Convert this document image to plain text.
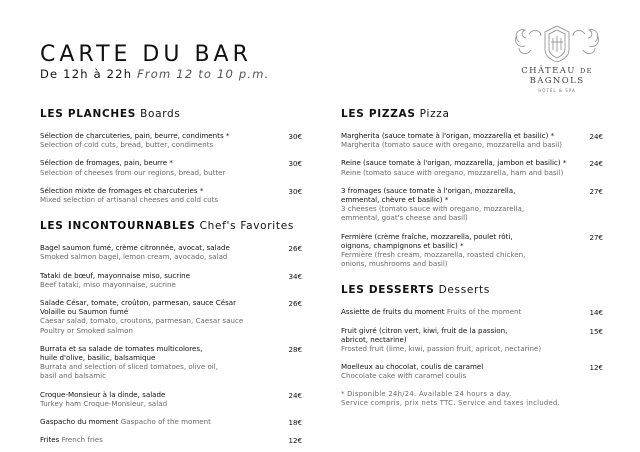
CARTE DU BAR
De 12h à 22h From 12 to 10 p.m.	CHÂTEAU DE BAGNOLS
HÔTEL & SPA
LES PLANCHES Boards
Sélection de charcuteries, pain, beurre, condiments *
Selection of cold cuts, bread, butter, condiments
30€
Sélection de fromages, pain, beurre *
Selection of cheeses from our regions, bread, butter
30€
Sélection mixte de fromages et charcuteries *
Mixed selection of artisanal cheeses and cold cuts
30€
LES INCONTOURNABLES Chef's Favorites
Bagel saumon fumé, crème citronnée, avocat, salade
Smoked salmon bagel, lemon cream, avocado, salad
26€
Tataki de bœuf, mayonnaise miso, sucrine
Beef tataki, miso mayonnaise, sucrine
34€
Salade César, tomate, croûton, parmesan, sauce César
Volaille ou Saumon fumé
Caesar salad, tomato, croutons, parmesan, Caesar sauce
Poultry or Smoked salmon
26€
Burrata et sa salade de tomates multicolores,
huile d'olive, basilic, balsamique
Burrata and selection of sliced tomatoes, olive oil,
basil and balsamic
28€
Croque-Monsieur à la dinde, salade
Turkey ham Croque-Monsieur, salad
24€
Gaspacho du moment Gaspacho of the moment	18€
Frites French fries	12€
LES PIZZAS Pizza
Margherita (sauce tomate à l'origan, mozzarella et basilic) *
Margherita (tomato sauce with oregano, mozzarella and basil)
24€
Reine (sauce tomate à l'origan, mozzarella, jambon et basilic) *
Reine (tomato sauce with oregano, mozzarella, ham and basil)
24€
3 fromages (sauce tomate à l'origan, mozzarella,
emmental, chèvre et basilic) *
3 cheeses (tomato sauce with oregano, mozzarella,
emmental, goat's cheese and basil)
27€
Fermière (crème fraîche, mozzarella, poulet rôti,
oignons, champignons et basilic) *
Fermière (fresh cream, mozzarella, roasted chicken,
onions, mushrooms and basil)
27€
LES DESSERTS Desserts
Assiette de fruits du moment Fruits of the moment	14€
Fruit givré (citron vert, kiwi, fruit de la passion,
abricot, nectarine)
Frosted fruit (lime, kiwi, passion fruit, apricot, nectarine)
15€
Moelleux au chocolat, coulis de caramel
Chocolate cake with caramel coulis
12€
* Disponible 24h/24. Available 24 hours a day.
Service compris, prix nets TTC. Service and taxes included.
